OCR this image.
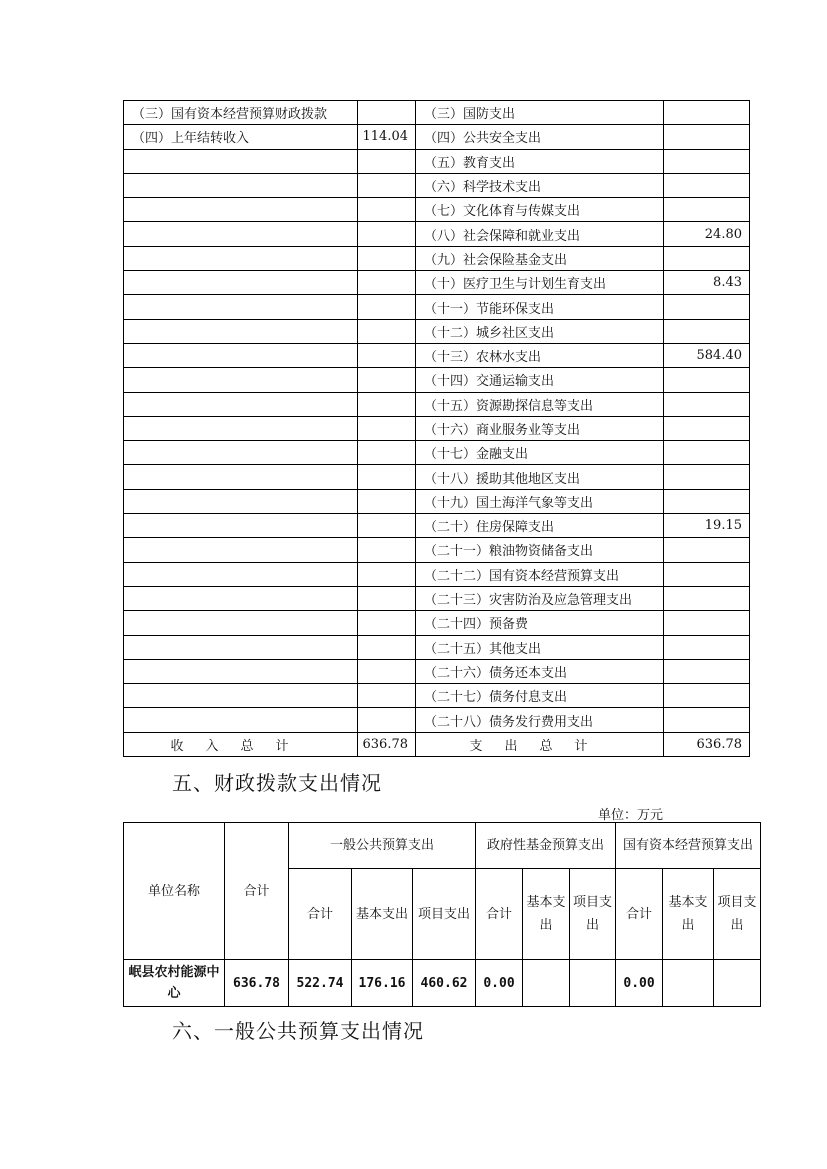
（三）国有资本经营预算财政拨款		（三）国防支出	
（四）上年结转收入	114.04	（四）公共安全支出	
		（五）教育支出	
		（六）科学技术支出	
		（七）文化体育与传媒支出	
		（八）社会保障和就业支出	24.80
		（九）社会保险基金支出	
		（十）医疗卫生与计划生育支出	8.43
		（十一）节能环保支出	
		（十二）城乡社区支出	
		（十三）农林水支出	584.40
		（十四）交通运输支出	
		（十五）资源勘探信息等支出	
		（十六）商业服务业等支出	
		（十七）金融支出	
		（十八）援助其他地区支出	
		（十九）国土海洋气象等支出	
		（二十）住房保障支出	19.15
		（二十一）粮油物资储备支出	
		（二十二）国有资本经营预算支出	
		（二十三）灾害防治及应急管理支出	
		（二十四）预备费	
		（二十五）其他支出	
		（二十六）债务还本支出	
		（二十七）债务付息支出	
		（二十八）债务发行费用支出	
收入总计	636.78	支出总计	636.78
五、财政拨款支出情况
单位：万元
单位名称	合计	一般公共预算支出			政府性基金预算支出			国有资本经营预算支出		
		合计	基本支出	项目支出	合计	基本支出	项目支出	合计	基本支出	项目支出
岷县农村能源中心	636.78	522.74	176.16	460.62	0.00			0.00		
六、一般公共预算支出情况
